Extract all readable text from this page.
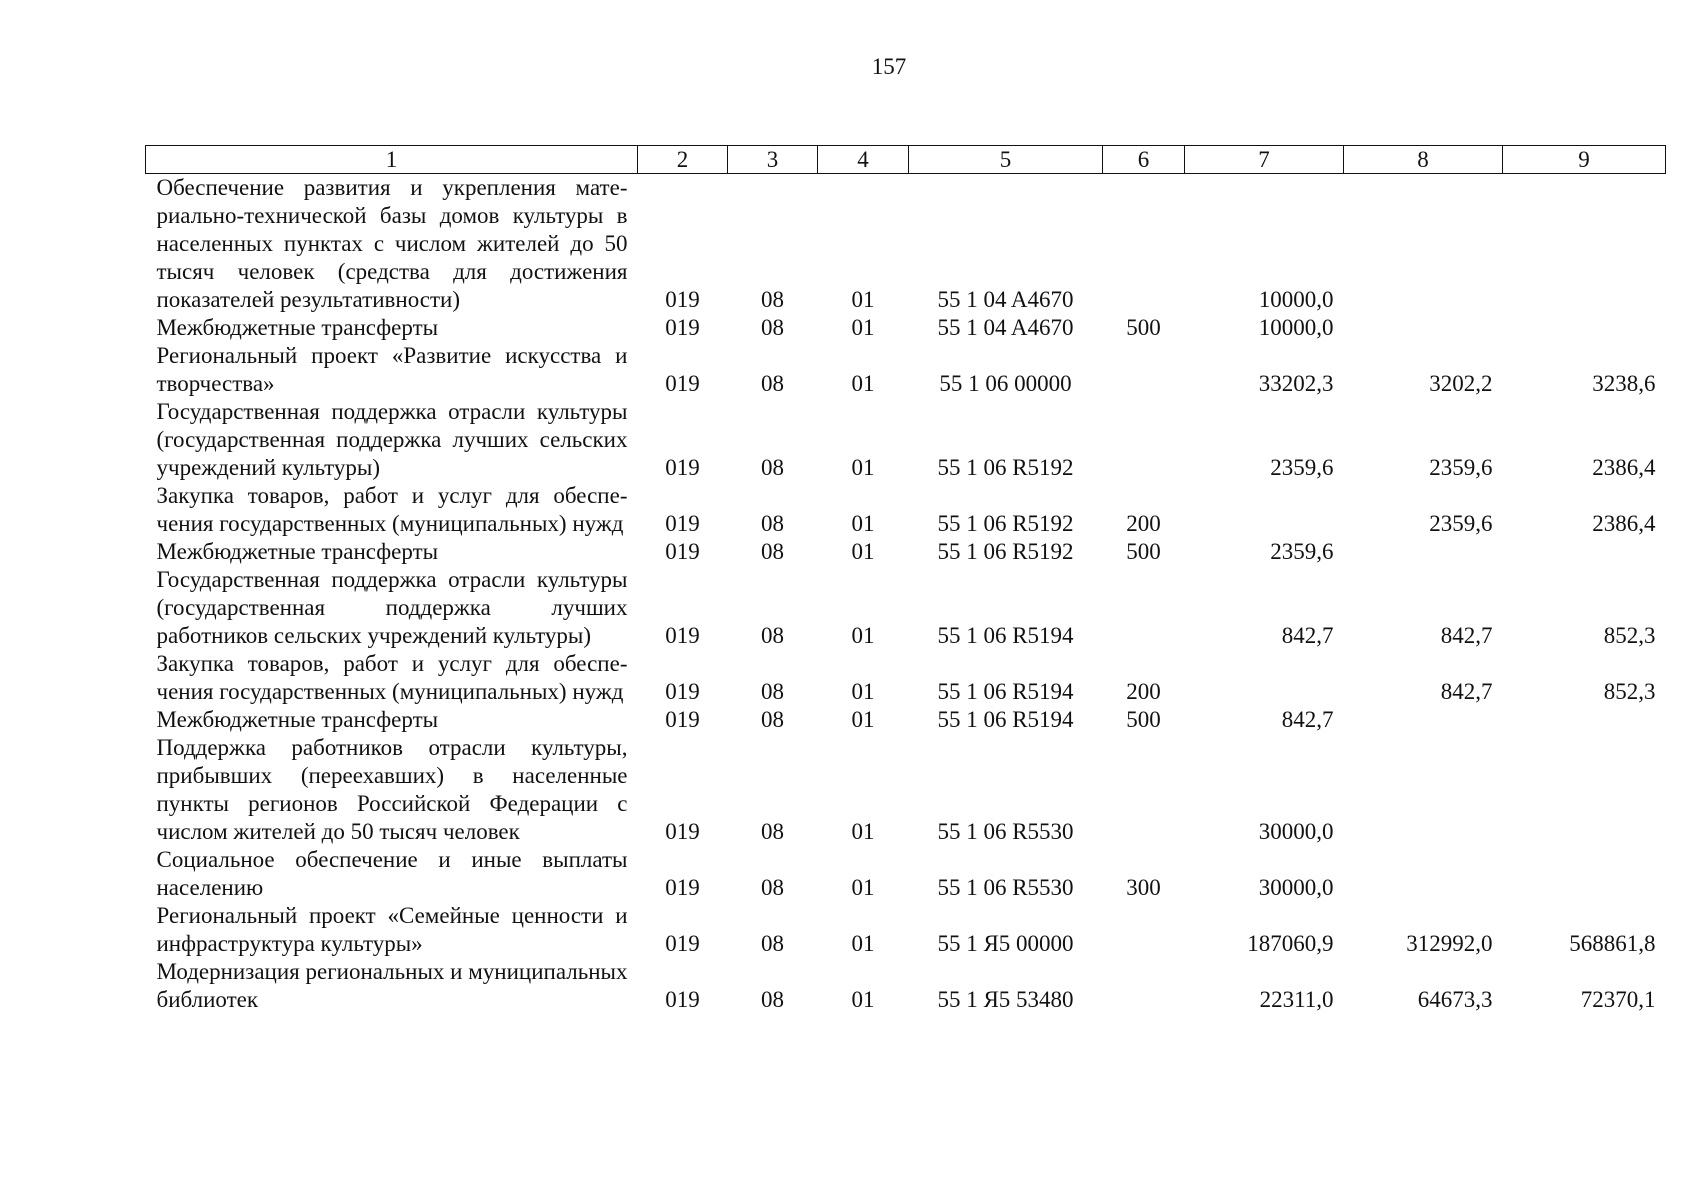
157
1	2	3	4	5	6	7	8	9
Обеспечение развития и укрепления материально-технической базы домов культуры в населенных пунктах с числом жителей до 50 тысяч человек (средства для достижения показателей результативности)	019	08	01	55 1 04 A4670		10000,0		
Межбюджетные трансферты	019	08	01	55 1 04 A4670	500	10000,0		
Региональный проект «Развитие искусства и творчества»	019	08	01	55 1 06 00000		33202,3	3202,2	3238,6
Государственная поддержка отрасли культуры (государственная поддержка лучших сельских учреждений культуры)	019	08	01	55 1 06 R5192		2359,6	2359,6	2386,4
Закупка товаров, работ и услуг для обеспечения государственных (муниципальных) нужд	019	08	01	55 1 06 R5192	200		2359,6	2386,4
Межбюджетные трансферты	019	08	01	55 1 06 R5192	500	2359,6		
Государственная поддержка отрасли культуры (государственная поддержка лучших работников сельских учреждений культуры)	019	08	01	55 1 06 R5194		842,7	842,7	852,3
Закупка товаров, работ и услуг для обеспечения государственных (муниципальных) нужд	019	08	01	55 1 06 R5194	200		842,7	852,3
Межбюджетные трансферты	019	08	01	55 1 06 R5194	500	842,7		
Поддержка работников отрасли культуры, прибывших (переехавших) в населенные пункты регионов Российской Федерации с числом жителей до 50 тысяч человек	019	08	01	55 1 06 R5530		30000,0		
Социальное обеспечение и иные выплаты населению	019	08	01	55 1 06 R5530	300	30000,0		
Региональный проект «Семейные ценности и инфраструктура культуры»	019	08	01	55 1 Я5 00000		187060,9	312992,0	568861,8
Модернизация региональных и муниципальных библиотек	019	08	01	55 1 Я5 53480		22311,0	64673,3	72370,1
